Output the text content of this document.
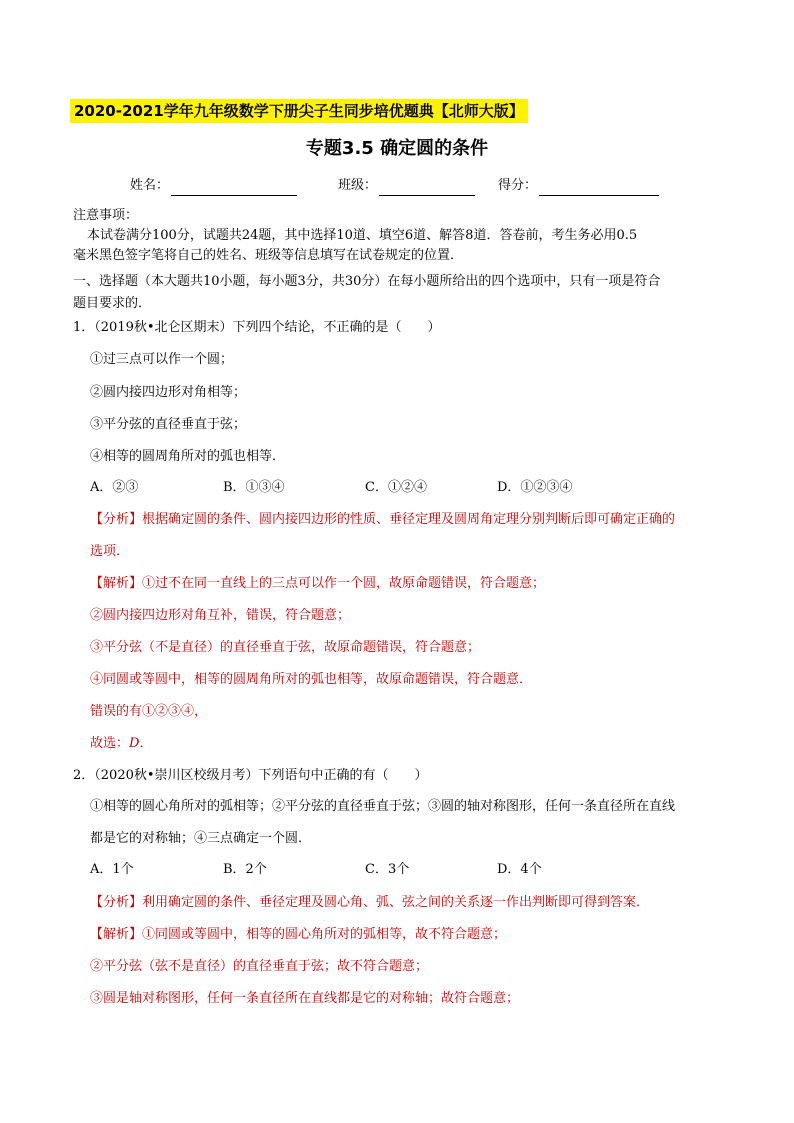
2020-2021学年九年级数学下册尖子生同步培优题典【北师大版】
专题3.5 确定圆的条件
姓名：	班级：	得分：
注意事项：
本试卷满分100分，试题共24题，其中选择10道、填空6道、解答8道．答卷前，考生务必用0.5
毫米黑色签字笔将自己的姓名、班级等信息填写在试卷规定的位置．
一、选择题（本大题共10小题，每小题3分，共30分）在每小题所给出的四个选项中，只有一项是符合
题目要求的．
1．（2019秋•北仑区期末）下列四个结论，不正确的是（　　）
①过三点可以作一个圆；
②圆内接四边形对角相等；
③平分弦的直径垂直于弦；
④相等的圆周角所对的弧也相等．
A．②③	B．①③④	C．①②④	D．①②③④
【分析】根据确定圆的条件、圆内接四边形的性质、垂径定理及圆周角定理分别判断后即可确定正确的
选项．
【解析】①过不在同一直线上的三点可以作一个圆，故原命题错误，符合题意；
②圆内接四边形对角互补，错误，符合题意；
③平分弦（不是直径）的直径垂直于弦，故原命题错误，符合题意；
④同圆或等圆中，相等的圆周角所对的弧也相等，故原命题错误，符合题意．
错误的有①②③④，
故选：D．
2．（2020秋•崇川区校级月考）下列语句中正确的有（　　）
①相等的圆心角所对的弧相等；②平分弦的直径垂直于弦；③圆的轴对称图形，任何一条直径所在直线
都是它的对称轴；④三点确定一个圆．
A．1个	B．2个	C．3个	D．4个
【分析】利用确定圆的条件、垂径定理及圆心角、弧、弦之间的关系逐一作出判断即可得到答案．
【解析】①同圆或等圆中，相等的圆心角所对的弧相等，故不符合题意；
②平分弦（弦不是直径）的直径垂直于弦；故不符合题意；
③圆是轴对称图形，任何一条直径所在直线都是它的对称轴；故符合题意；
